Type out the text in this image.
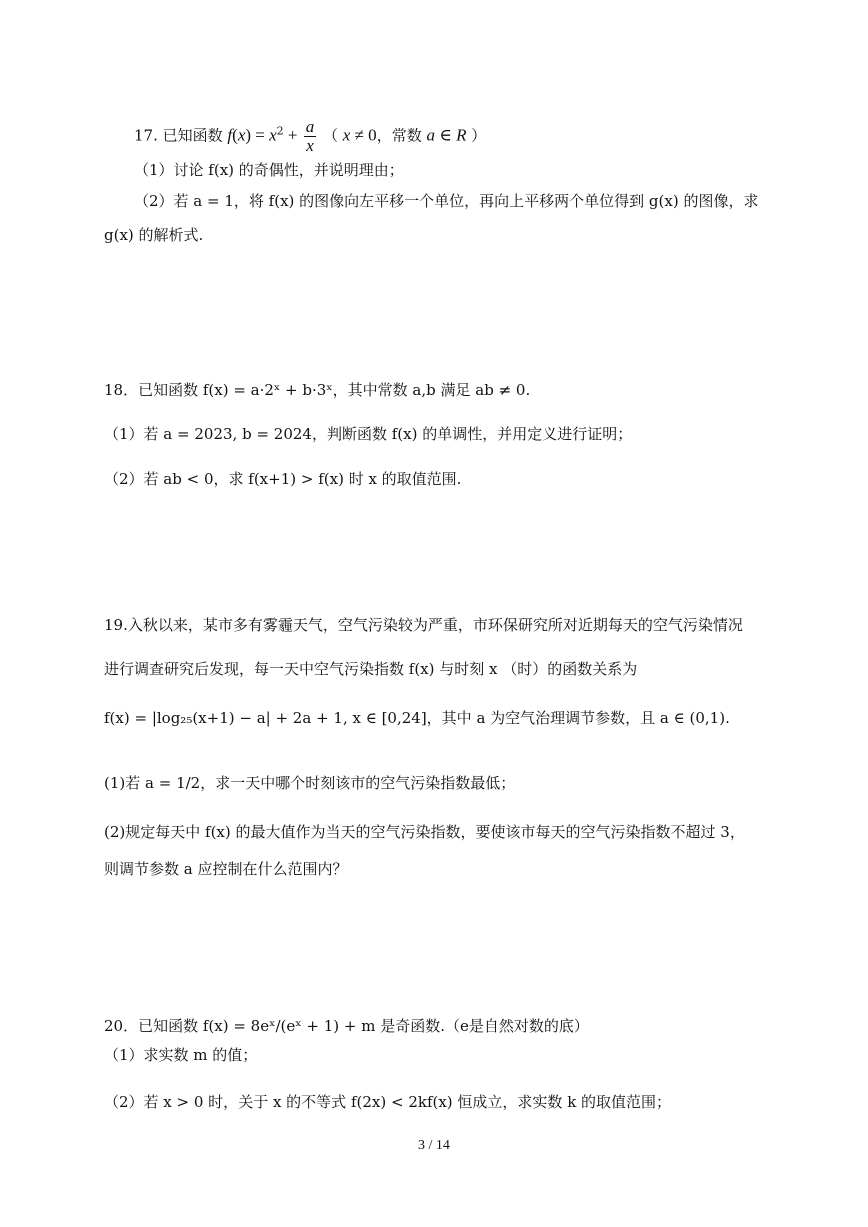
17. 已知函数 $f(x) = x^2 + \frac{a}{x}$ （ x ≠ 0，常数 a ∈ R ）
（1）讨论 f(x) 的奇偶性，并说明理由；
（2）若 a = 1，将 f(x) 的图像向左平移一个单位，再向上平移两个单位得到 g(x) 的图像，求
g(x) 的解析式.
18．已知函数 f(x) = a·2ˣ + b·3ˣ，其中常数 a,b 满足 ab ≠ 0.
（1）若 a = 2023, b = 2024，判断函数 f(x) 的单调性，并用定义进行证明；
（2）若 ab < 0，求 f(x+1) > f(x) 时 x 的取值范围.
19.入秋以来，某市多有雾霾天气，空气污染较为严重，市环保研究所对近期每天的空气污染情况
进行调查研究后发现，每一天中空气污染指数 f(x) 与时刻 x （时）的函数关系为
f(x) = |log₂₅(x+1) − a| + 2a + 1, x ∈ [0,24]，其中 a 为空气治理调节参数，且 a ∈ (0,1).
(1)若 a = 1/2，求一天中哪个时刻该市的空气污染指数最低；
(2)规定每天中 f(x) 的最大值作为当天的空气污染指数，要使该市每天的空气污染指数不超过 3，
则调节参数 a 应控制在什么范围内？
20．已知函数 f(x) = 8eˣ/(eˣ + 1) + m 是奇函数.（e是自然对数的底）
（1）求实数 m 的值；
（2）若 x > 0 时，关于 x 的不等式 f(2x) < 2kf(x) 恒成立，求实数 k 的取值范围；
3 / 14
